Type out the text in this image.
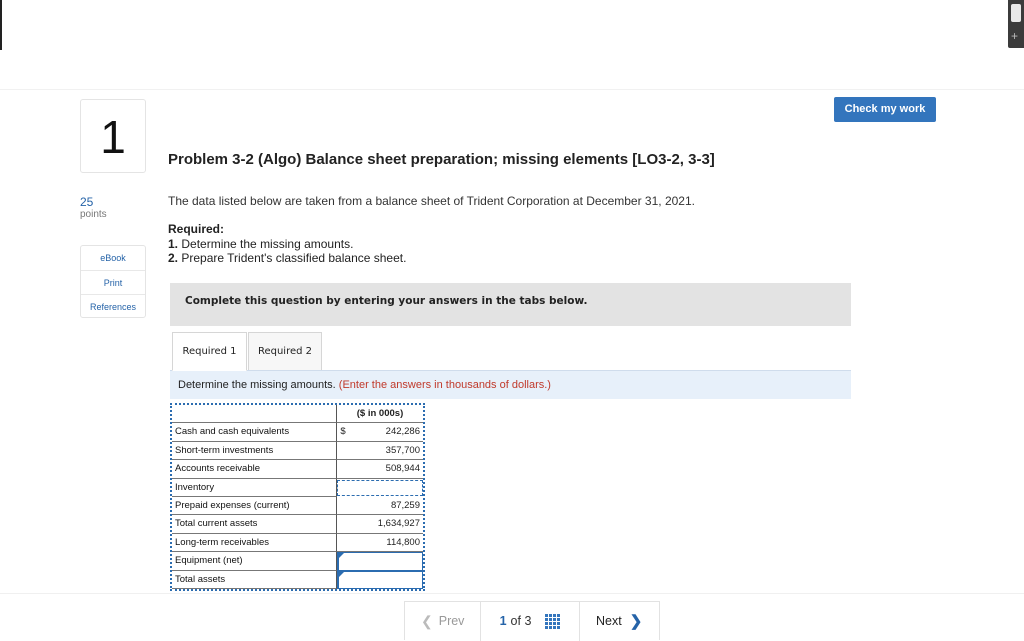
+
1
25
points
eBook
Print
References
Check my work
Problem 3-2 (Algo) Balance sheet preparation; missing elements [LO3-2, 3-3]
The data listed below are taken from a balance sheet of Trident Corporation at December 31, 2021.
Required:
1. Determine the missing amounts.
2. Prepare Trident's classified balance sheet.
Complete this question by entering your answers in the tabs below.
Required 1	Required 2
Determine the missing amounts. (Enter the answers in thousands of dollars.)
($ in 000s)
Cash and cash equivalents	$	242,286
Short-term investments	357,700
Accounts receivable	508,944
Inventory
Prepaid expenses (current)	87,259
Total current assets	1,634,927
Long-term receivables	114,800
Equipment (net)
Total assets
❮ Prev	1 of 3	Next ❯
